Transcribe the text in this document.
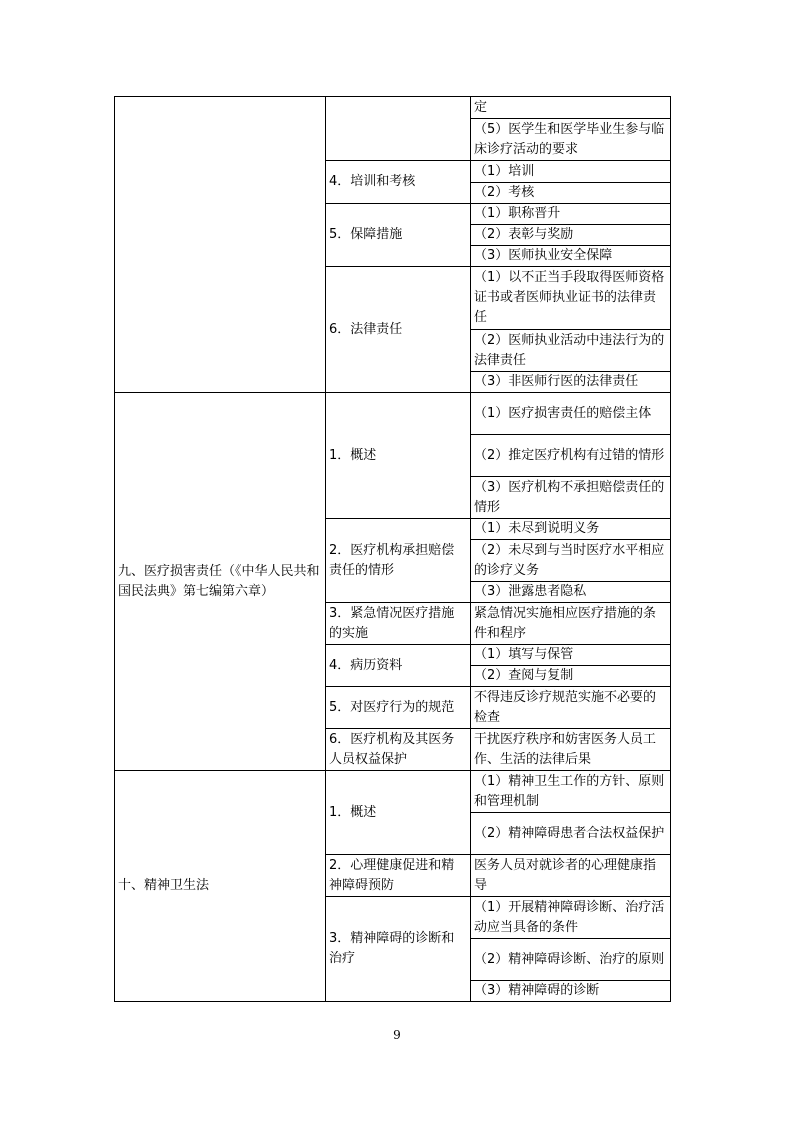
		定
		（5）医学生和医学毕业生参与临床诊疗活动的要求
	4．培训和考核	（1）培训
		（2）考核
	5．保障措施	（1）职称晋升
		（2）表彰与奖励
		（3）医师执业安全保障
	6．法律责任	（1）以不正当手段取得医师资格证书或者医师执业证书的法律责任
		（2）医师执业活动中违法行为的法律责任
		（3）非医师行医的法律责任
九、医疗损害责任（《中华人民共和国民法典》第七编第六章）	1．概述	（1）医疗损害责任的赔偿主体
		（2）推定医疗机构有过错的情形
		（3）医疗机构不承担赔偿责任的情形
	2．医疗机构承担赔偿责任的情形	（1）未尽到说明义务
		（2）未尽到与当时医疗水平相应的诊疗义务
		（3）泄露患者隐私
	3．紧急情况医疗措施的实施	紧急情况实施相应医疗措施的条件和程序
	4．病历资料	（1）填写与保管
		（2）查阅与复制
	5．对医疗行为的规范	不得违反诊疗规范实施不必要的检查
	6．医疗机构及其医务人员权益保护	干扰医疗秩序和妨害医务人员工作、生活的法律后果
十、精神卫生法	1．概述	（1）精神卫生工作的方针、原则和管理机制
		（2）精神障碍患者合法权益保护
	2．心理健康促进和精神障碍预防	医务人员对就诊者的心理健康指导
	3．精神障碍的诊断和治疗	（1）开展精神障碍诊断、治疗活动应当具备的条件
		（2）精神障碍诊断、治疗的原则
		（3）精神障碍的诊断
9
